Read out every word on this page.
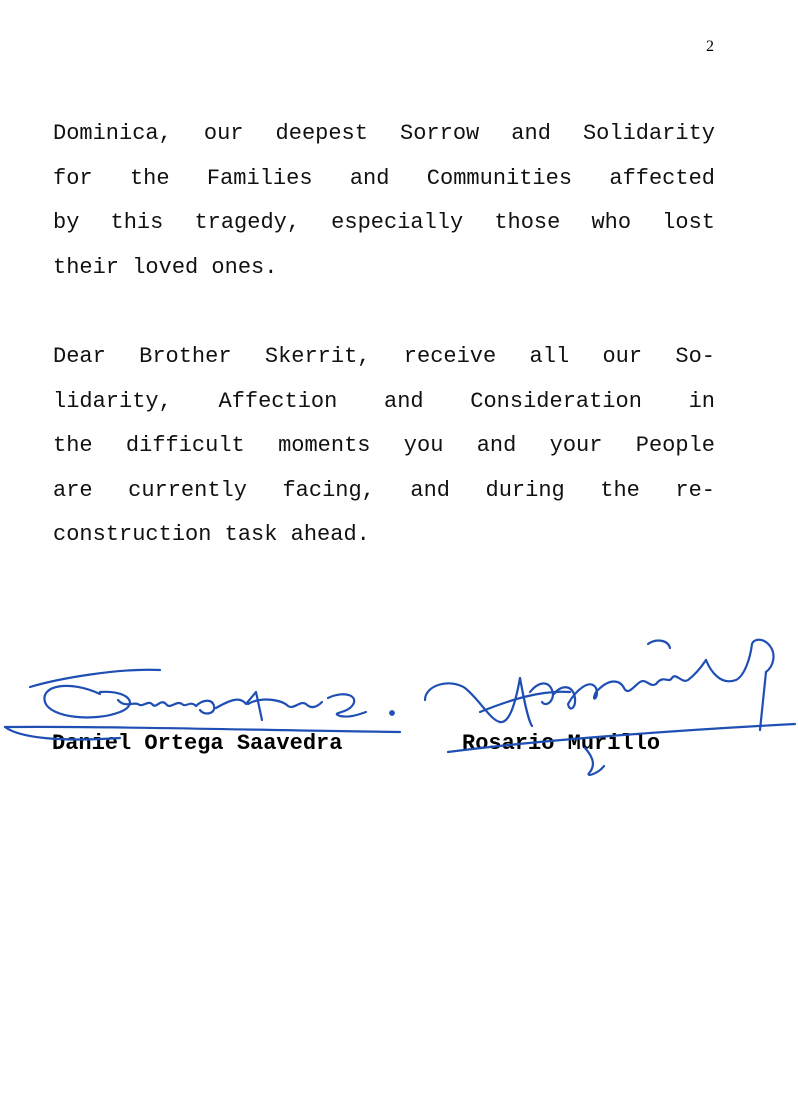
2
Dominica, our deepest Sorrow and Solidarity
for the Families and Communities affected
by this tragedy, especially those who lost
their loved ones.
Dear Brother Skerrit, receive all our So-
lidarity, Affection and Consideration in
the difficult moments you and your People
are currently facing, and during the re-
construction task ahead.
Daniel Ortega Saavedra	Rosario Murillo
